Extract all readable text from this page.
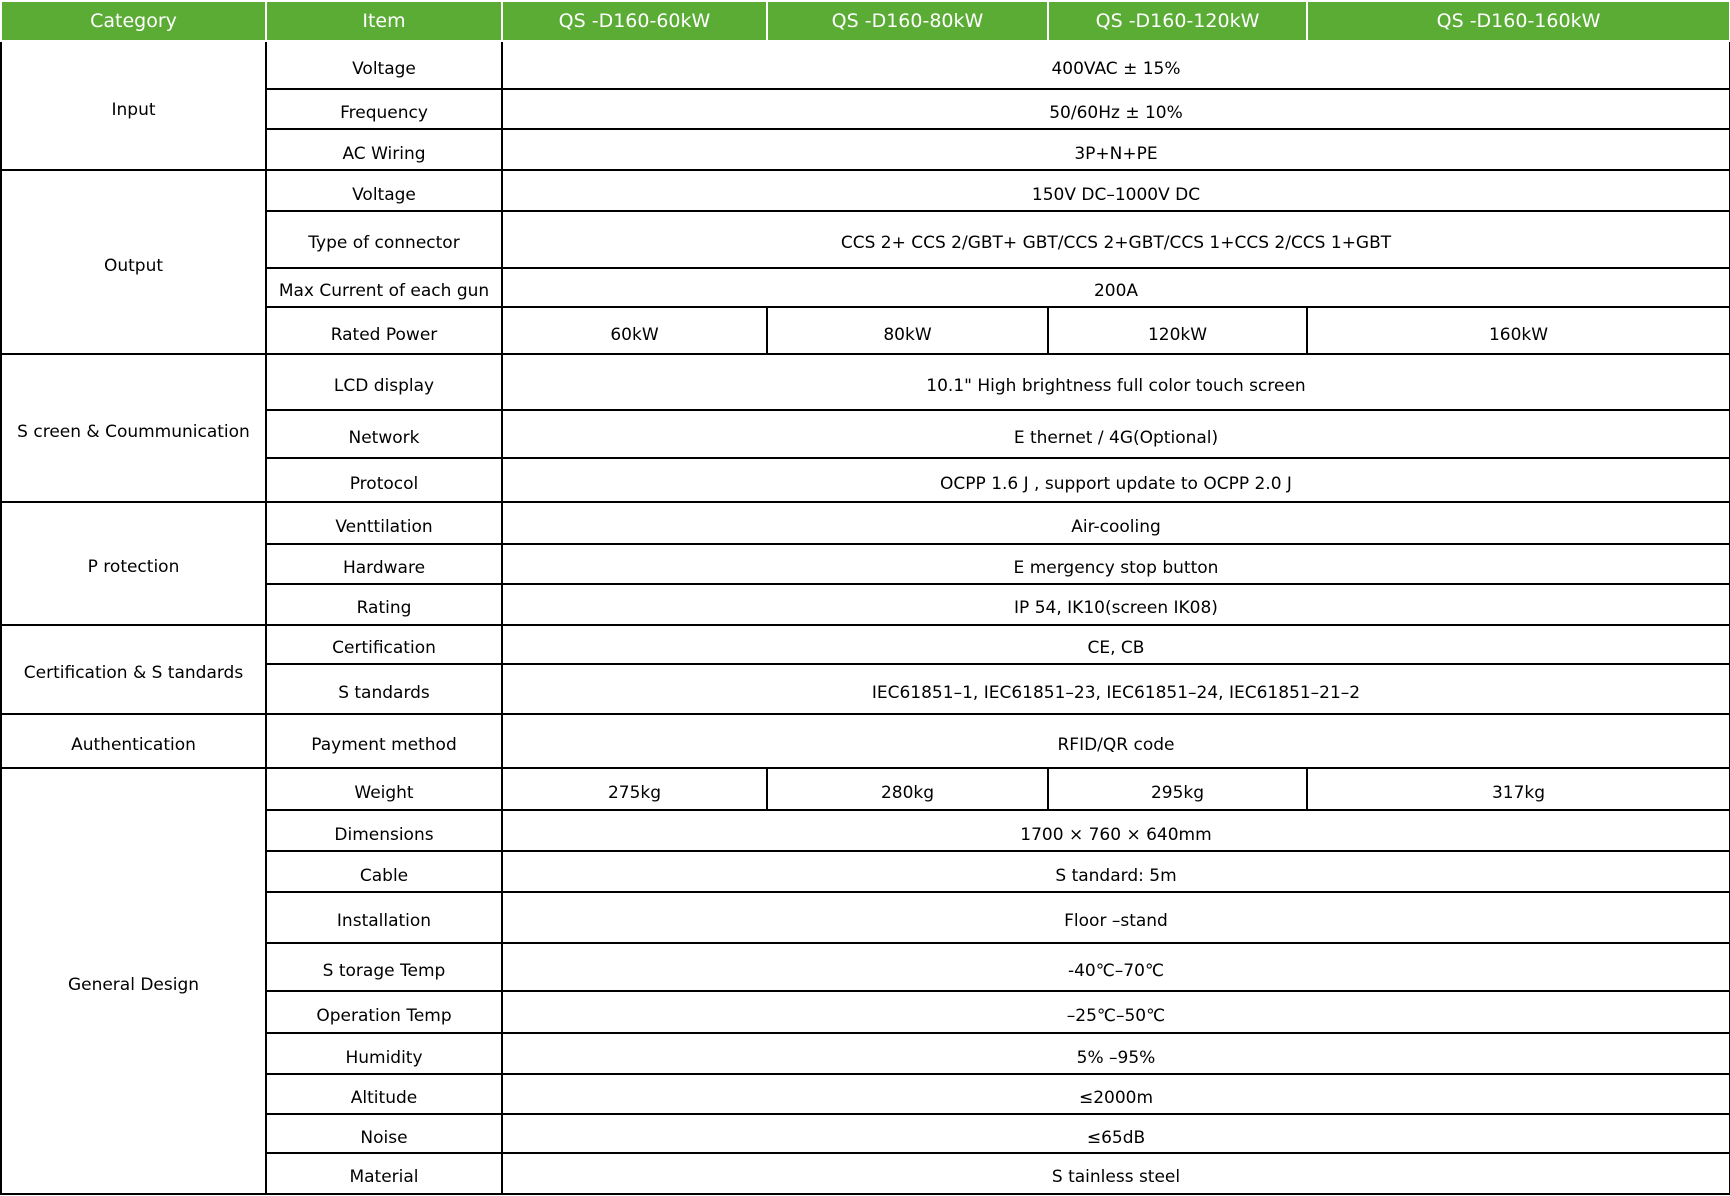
Category	Item	QS -D160-60kW	QS -D160-80kW	QS -D160-120kW	QS -D160-160kW
Input	Voltage	400VAC ± 15%			
	Frequency	50/60Hz ± 10%			
	AC Wiring	3P+N+PE			
Output	Voltage	150V DC–1000V DC			
	Type of connector	CCS 2+ CCS 2/GBT+ GBT/CCS 2+GBT/CCS 1+CCS 2/CCS 1+GBT			
	Max Current of each gun	200A			
	Rated Power	60kW	80kW	120kW	160kW
S creen & Coummunication	LCD display	10.1" High brightness full color touch screen			
	Network	E thernet / 4G(Optional)			
	Protocol	OCPP 1.6 J , support update to OCPP 2.0 J			
P rotection	Venttilation	Air-cooling			
	Hardware	E mergency stop button			
	Rating	IP 54, IK10(screen IK08)			
Certification & S tandards	Certification	CE, CB			
	S tandards	IEC61851–1, IEC61851–23, IEC61851–24, IEC61851–21–2			
Authentication	Payment method	RFID/QR code			
General Design	Weight	275kg	280kg	295kg	317kg
	Dimensions	1700 × 760 × 640mm			
	Cable	S tandard: 5m			
	Installation	Floor –stand			
	S torage Temp	-40℃–70℃			
	Operation Temp	–25℃–50℃			
	Humidity	5% –95%			
	Altitude	≤2000m			
	Noise	≤65dB			
	Material	S tainless steel			
